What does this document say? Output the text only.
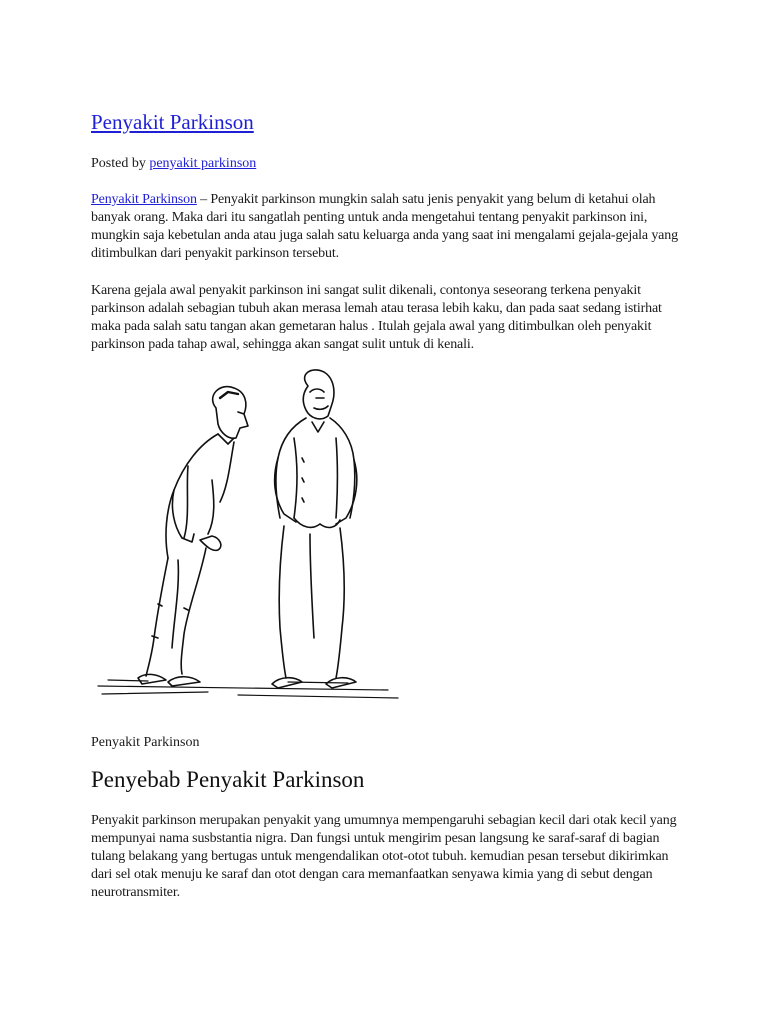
Penyakit Parkinson
Posted by penyakit parkinson

Penyakit Parkinson – Penyakit parkinson mungkin salah satu jenis penyakit yang belum di ketahui olah banyak orang. Maka dari itu sangatlah penting untuk anda mengetahui tentang penyakit parkinson ini, mungkin saja kebetulan anda atau juga salah satu keluarga anda yang saat ini mengalami gejala-gejala yang ditimbulkan dari penyakit parkinson tersebut.

Karena gejala awal penyakit parkinson ini sangat sulit dikenali, contonya seseorang terkena penyakit parkinson adalah sebagian tubuh akan merasa lemah atau terasa lebih kaku, dan pada saat sedang istirhat maka pada salah satu tangan akan gemetaran halus . Itulah gejala awal yang ditimbulkan oleh penyakit parkinson pada tahap awal, sehingga akan sangat sulit untuk di kenali.

Penyakit Parkinson
Penyebab Penyakit Parkinson

Penyakit parkinson merupakan penyakit yang umumnya mempengaruhi sebagian kecil dari otak kecil yang mempunyai nama susbstantia nigra. Dan fungsi untuk mengirim pesan langsung ke saraf-saraf di bagian tulang belakang yang bertugas untuk mengendalikan otot-otot tubuh. kemudian pesan tersebut dikirimkan dari sel otak menuju ke saraf dan otot dengan cara memanfaatkan senyawa kimia yang di sebut dengan neurotransmiter.
